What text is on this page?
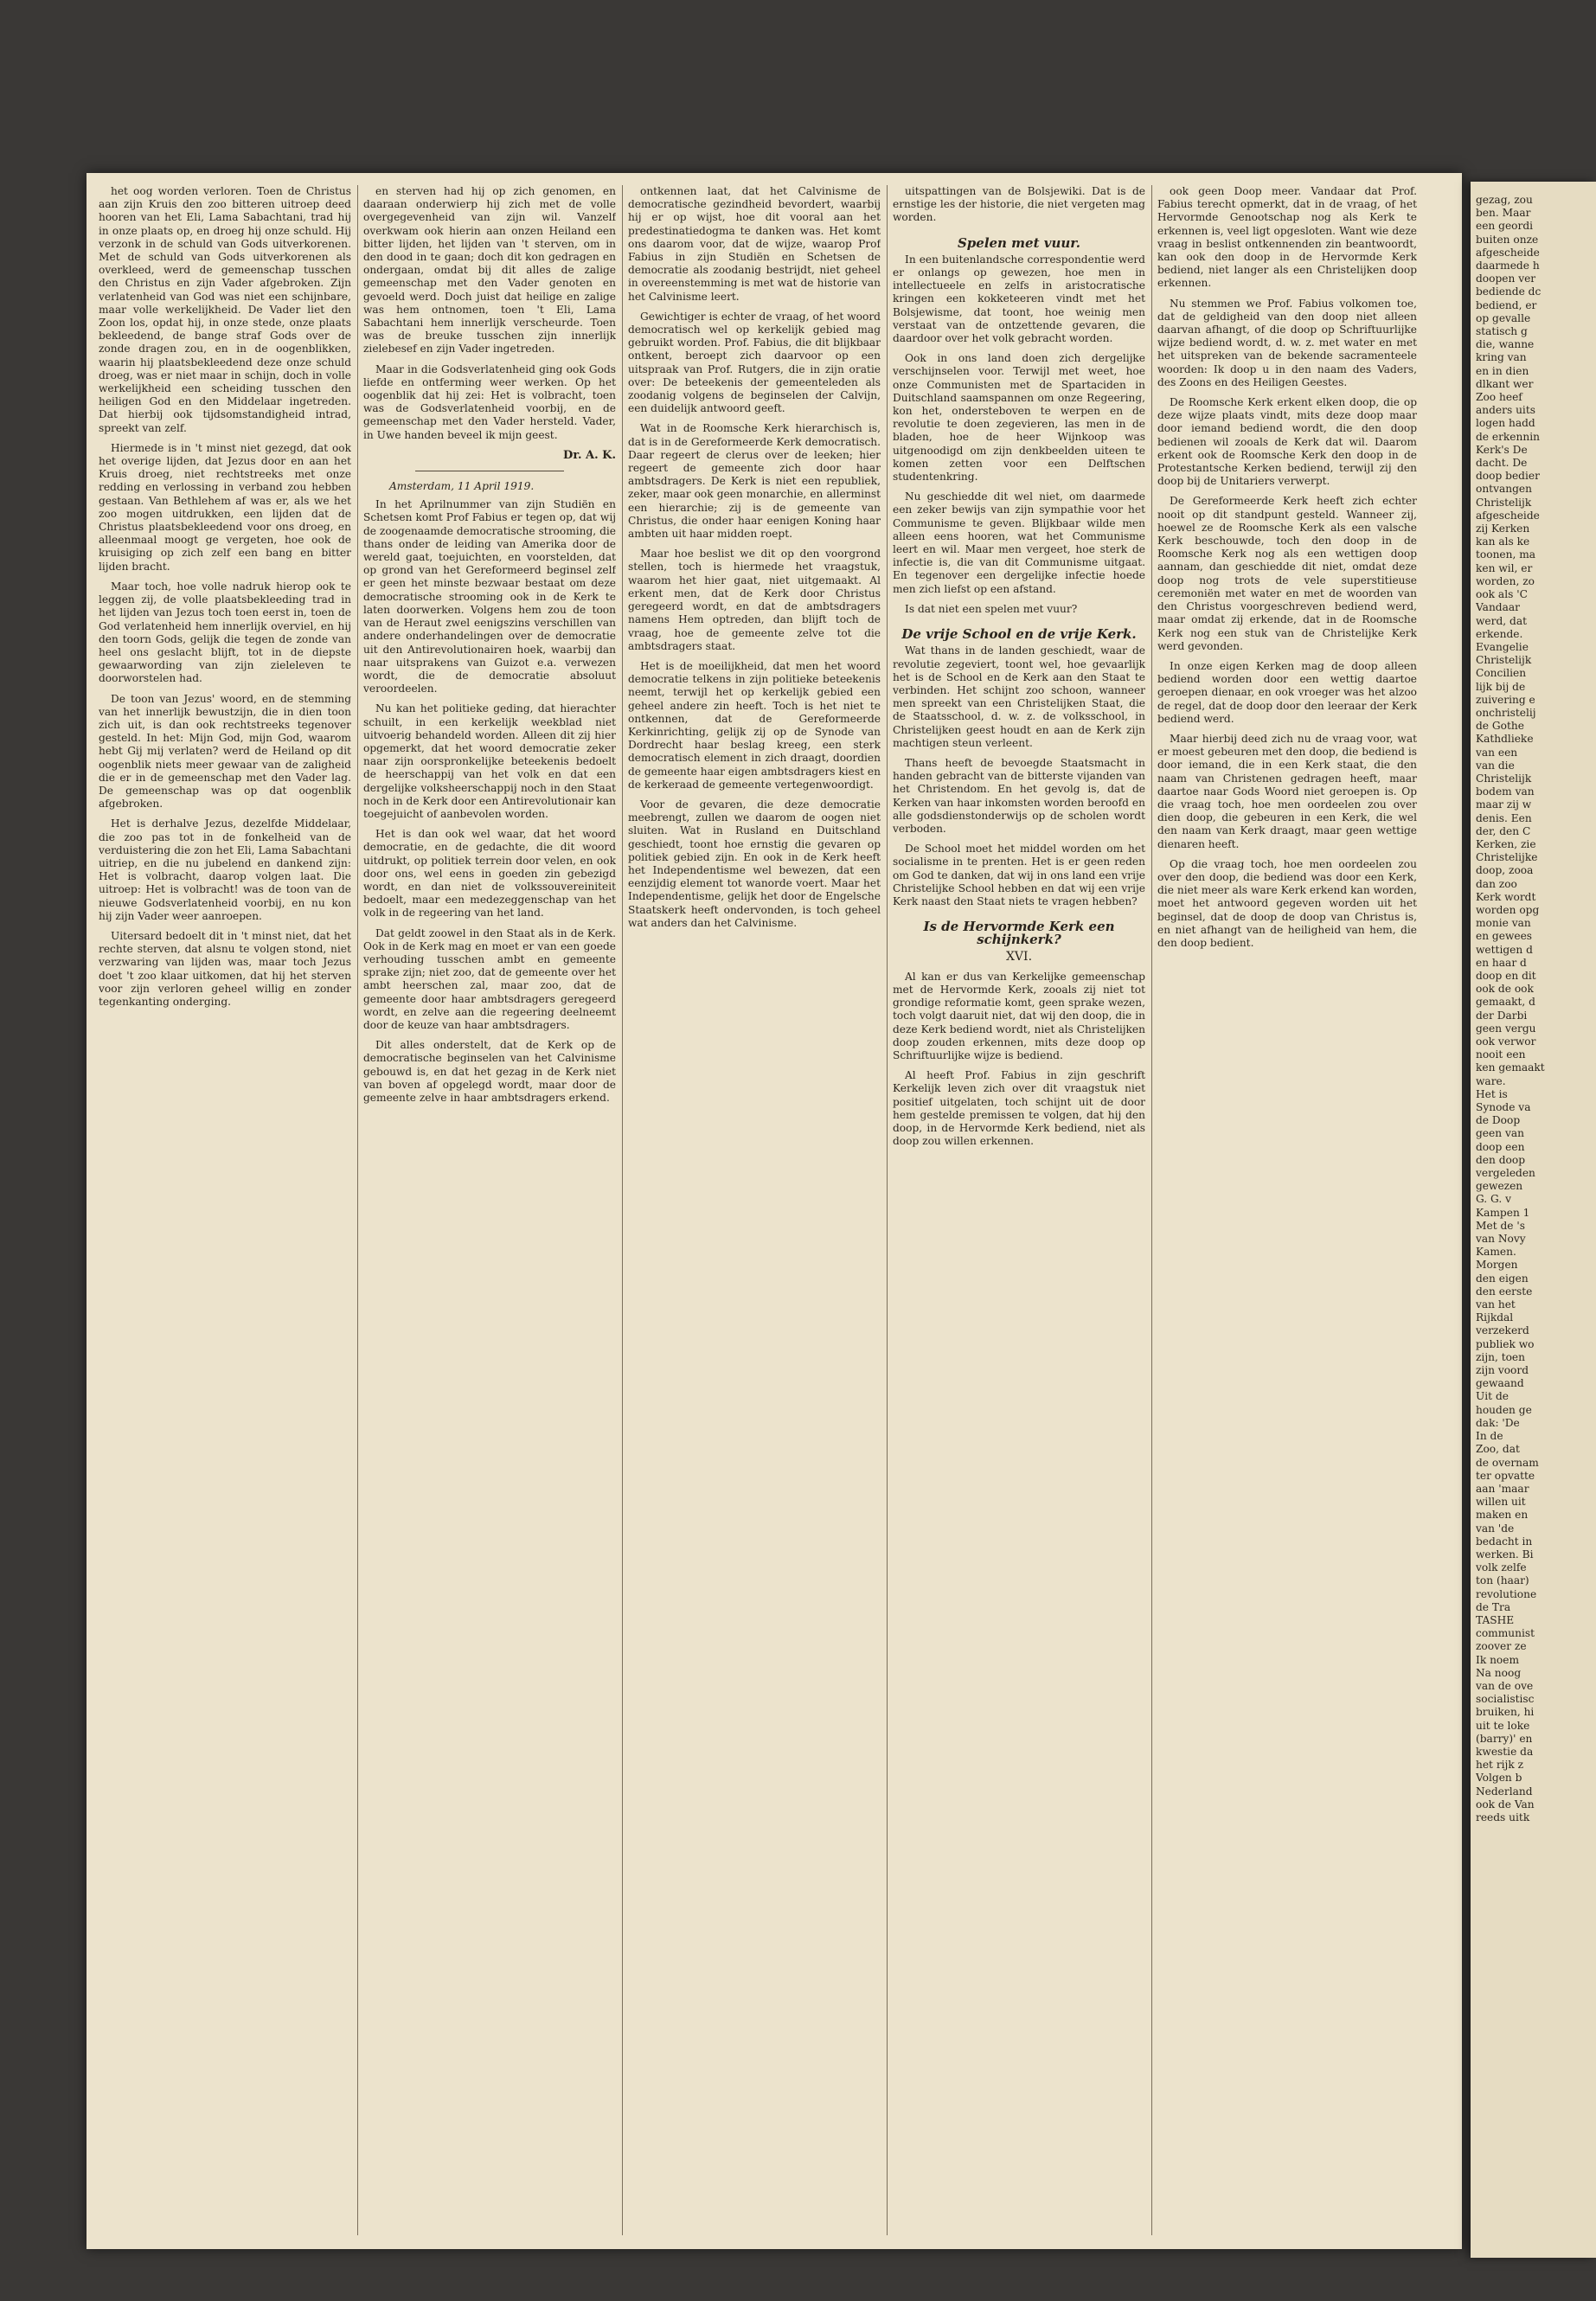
het oog worden verloren. Toen de Christus aan zijn Kruis den zoo bitteren uitroep deed hooren van het Eli, Lama Sabachtani, trad hij in onze plaats op, en droeg hij onze schuld. Hij verzonk in de schuld van Gods uitverkorenen. Met de schuld van Gods uitverkorenen als overkleed, werd de gemeenschap tusschen den Christus en zijn Vader afgebroken. Zijn verlatenheid van God was niet een schijnbare, maar volle werkelijkheid. De Vader liet den Zoon los, opdat hij, in onze stede, onze plaats bekleedend, de bange straf Gods over de zonde dragen zou, en in de oogenblikken, waarin hij plaatsbekleedend deze onze schuld droeg, was er niet maar in schijn, doch in volle werkelijkheid een scheiding tusschen den heiligen God en den Middelaar ingetreden. Dat hierbij ook tijdsomstandigheid intrad, spreekt van zelf.

Hiermede is in 't minst niet gezegd, dat ook het overige lijden, dat Jezus door en aan het Kruis droeg, niet rechtstreeks met onze redding en verlossing in verband zou hebben gestaan. Van Bethlehem af was er, als we het zoo mogen uitdrukken, een lijden dat de Christus plaatsbekleedend voor ons droeg, en alleenmaal moogt ge vergeten, hoe ook de kruisiging op zich zelf een bang en bitter lijden bracht.

Maar toch, hoe volle nadruk hierop ook te leggen zij, de volle plaatsbekleeding trad in het lijden van Jezus toch toen eerst in, toen de God verlatenheid hem innerlijk overviel, en hij den toorn Gods, gelijk die tegen de zonde van heel ons geslacht blijft, tot in de diepste gewaarwording van zijn zieleleven te doorworstelen had.

De toon van Jezus' woord, en de stemming van het innerlijk bewustzijn, die in dien toon zich uit, is dan ook rechtstreeks tegenover gesteld. In het: Mijn God, mijn God, waarom hebt Gij mij verlaten? werd de Heiland op dit oogenblik niets meer gewaar van de zaligheid die er in de gemeenschap met den Vader lag. De gemeenschap was op dat oogenblik afgebroken.

Het is derhalve Jezus, dezelfde Middelaar, die zoo pas tot in de fonkelheid van de verduistering die zon het Eli, Lama Sabachtani uitriep, en die nu jubelend en dankend zijn: Het is volbracht, daarop volgen laat. Die uitroep: Het is volbracht! was de toon van de nieuwe Godsverlatenheid voorbij, en nu kon hij zijn Vader weer aanroepen.

Uitersard bedoelt dit in 't minst niet, dat het rechte sterven, dat alsnu te volgen stond, niet verzwaring van lijden was, maar toch Jezus doet 't zoo klaar uitkomen, dat hij het sterven voor zijn verloren geheel willig en zonder tegenkanting onderging.

en sterven had hij op zich genomen, en daaraan onderwierp hij zich met de volle overgegevenheid van zijn wil. Vanzelf overkwam ook hierin aan onzen Heiland een bitter lijden, het lijden van 't sterven, om in den dood in te gaan; doch dit kon gedragen en ondergaan, omdat bij dit alles de zalige gemeenschap met den Vader genoten en gevoeld werd. Doch juist dat heilige en zalige was hem ontnomen, toen 't Eli, Lama Sabachtani hem innerlijk verscheurde. Toen was de breuke tusschen zijn innerlijk zielebesef en zijn Vader ingetreden.

Maar in die Godsverlatenheid ging ook Gods liefde en ontferming weer werken. Op het oogenblik dat hij zei: Het is volbracht, toen was de Godsverlatenheid voorbij, en de gemeenschap met den Vader hersteld. Vader, in Uwe handen beveel ik mijn geest.

Dr. A. K.
Amsterdam, 11 April 1919.

In het Aprilnummer van zijn Studiën en Schetsen komt Prof Fabius er tegen op, dat wij de zoogenaamde democratische strooming, die thans onder de leiding van Amerika door de wereld gaat, toejuichten, en voorstelden, dat op grond van het Gereformeerd beginsel zelf er geen het minste bezwaar bestaat om deze democratische strooming ook in de Kerk te laten doorwerken. Volgens hem zou de toon van de Heraut zwel eenigszins verschillen van andere onderhandelingen over de democratie uit den Antirevolutionairen hoek, waarbij dan naar uitsprakens van Guizot e.a. verwezen wordt, die de democratie absoluut veroordeelen.

Nu kan het politieke geding, dat hierachter schuilt, in een kerkelijk weekblad niet uitvoerig behandeld worden. Alleen dit zij hier opgemerkt, dat het woord democratie zeker naar zijn oorspronkelijke beteekenis bedoelt de heerschappij van het volk en dat een dergelijke volksheerschappij noch in den Staat noch in de Kerk door een Antirevolutionair kan toegejuicht of aanbevolen worden.

Het is dan ook wel waar, dat het woord democratie, en de gedachte, die dit woord uitdrukt, op politiek terrein door velen, en ook door ons, wel eens in goeden zin gebezigd wordt, en dan niet de volkssouvereiniteit bedoelt, maar een medezeggenschap van het volk in de regeering van het land.

Dat geldt zoowel in den Staat als in de Kerk. Ook in de Kerk mag en moet er van een goede verhouding tusschen ambt en gemeente sprake zijn; niet zoo, dat de gemeente over het ambt heerschen zal, maar zoo, dat de gemeente door haar ambtsdragers geregeerd wordt, en zelve aan die regeering deelneemt door de keuze van haar ambtsdragers.

Dit alles onderstelt, dat de Kerk op de democratische beginselen van het Calvinisme gebouwd is, en dat het gezag in de Kerk niet van boven af opgelegd wordt, maar door de gemeente zelve in haar ambtsdragers erkend.

ontkennen laat, dat het Calvinisme de democratische gezindheid bevordert, waarbij hij er op wijst, hoe dit vooral aan het predestinatiedogma te danken was. Het komt ons daarom voor, dat de wijze, waarop Prof Fabius in zijn Studiën en Schetsen de democratie als zoodanig bestrijdt, niet geheel in overeenstemming is met wat de historie van het Calvinisme leert.

Gewichtiger is echter de vraag, of het woord democratisch wel op kerkelijk gebied mag gebruikt worden. Prof. Fabius, die dit blijkbaar ontkent, beroept zich daarvoor op een uitspraak van Prof. Rutgers, die in zijn oratie over: De beteekenis der gemeenteleden als zoodanig volgens de beginselen der Calvijn, een duidelijk antwoord geeft.

Wat in de Roomsche Kerk hierarchisch is, dat is in de Gereformeerde Kerk democratisch. Daar regeert de clerus over de leeken; hier regeert de gemeente zich door haar ambtsdragers. De Kerk is niet een republiek, zeker, maar ook geen monarchie, en allerminst een hierarchie; zij is de gemeente van Christus, die onder haar eenigen Koning haar ambten uit haar midden roept.

Maar hoe beslist we dit op den voorgrond stellen, toch is hiermede het vraagstuk, waarom het hier gaat, niet uitgemaakt. Al erkent men, dat de Kerk door Christus geregeerd wordt, en dat de ambtsdragers namens Hem optreden, dan blijft toch de vraag, hoe de gemeente zelve tot die ambtsdragers staat.

Het is de moeilijkheid, dat men het woord democratie telkens in zijn politieke beteekenis neemt, terwijl het op kerkelijk gebied een geheel andere zin heeft. Toch is het niet te ontkennen, dat de Gereformeerde Kerkinrichting, gelijk zij op de Synode van Dordrecht haar beslag kreeg, een sterk democratisch element in zich draagt, doordien de gemeente haar eigen ambtsdragers kiest en de kerkeraad de gemeente vertegenwoordigt.

Voor de gevaren, die deze democratie meebrengt, zullen we daarom de oogen niet sluiten. Wat in Rusland en Duitschland geschiedt, toont hoe ernstig die gevaren op politiek gebied zijn. En ook in de Kerk heeft het Independentisme wel bewezen, dat een eenzijdig element tot wanorde voert. Maar het Independentisme, gelijk het door de Engelsche Staatskerk heeft ondervonden, is toch geheel wat anders dan het Calvinisme.

uitspattingen van de Bolsjewiki. Dat is de ernstige les der historie, die niet vergeten mag worden.

Spelen met vuur.

In een buitenlandsche correspondentie werd er onlangs op gewezen, hoe men in intellectueele en zelfs in aristocratische kringen een kokketeeren vindt met het Bolsjewisme, dat toont, hoe weinig men verstaat van de ontzettende gevaren, die daardoor over het volk gebracht worden.

Ook in ons land doen zich dergelijke verschijnselen voor. Terwijl met weet, hoe onze Communisten met de Spartaciden in Duitschland saamspannen om onze Regeering, kon het, ondersteboven te werpen en de revolutie te doen zegevieren, las men in de bladen, hoe de heer Wijnkoop was uitgenoodigd om zijn denkbeelden uiteen te komen zetten voor een Delftschen studentenkring.

Nu geschiedde dit wel niet, om daarmede een zeker bewijs van zijn sympathie voor het Communisme te geven. Blijkbaar wilde men alleen eens hooren, wat het Communisme leert en wil. Maar men vergeet, hoe sterk de infectie is, die van dit Communisme uitgaat. En tegenover een dergelijke infectie hoede men zich liefst op een afstand.

Is dat niet een spelen met vuur?

De vrije School en de vrije Kerk.

Wat thans in de landen geschiedt, waar de revolutie zegeviert, toont wel, hoe gevaarlijk het is de School en de Kerk aan den Staat te verbinden. Het schijnt zoo schoon, wanneer men spreekt van een Christelijken Staat, die de Staatsschool, d. w. z. de volksschool, in Christelijken geest houdt en aan de Kerk zijn machtigen steun verleent.

Thans heeft de bevoegde Staatsmacht in handen gebracht van de bitterste vijanden van het Christendom. En het gevolg is, dat de Kerken van haar inkomsten worden beroofd en alle godsdienstonderwijs op de scholen wordt verboden.

De School moet het middel worden om het socialisme in te prenten. Het is er geen reden om God te danken, dat wij in ons land een vrije Christelijke School hebben en dat wij een vrije Kerk naast den Staat niets te vragen hebben?

Is de Hervormde Kerk een schijnkerk?
XVI.

Al kan er dus van Kerkelijke gemeenschap met de Hervormde Kerk, zooals zij niet tot grondige reformatie komt, geen sprake wezen, toch volgt daaruit niet, dat wij den doop, die in deze Kerk bediend wordt, niet als Christelijken doop zouden erkennen, mits deze doop op Schriftuurlijke wijze is bediend.

Al heeft Prof. Fabius in zijn geschrift Kerkelijk leven zich over dit vraagstuk niet positief uitgelaten, toch schijnt uit de door hem gestelde premissen te volgen, dat hij den doop, in de Hervormde Kerk bediend, niet als doop zou willen erkennen.

ook geen Doop meer. Vandaar dat Prof. Fabius terecht opmerkt, dat in de vraag, of het Hervormde Genootschap nog als Kerk te erkennen is, veel ligt opgesloten. Want wie deze vraag in beslist ontkennenden zin beantwoordt, kan ook den doop in de Hervormde Kerk bediend, niet langer als een Christelijken doop erkennen.

Nu stemmen we Prof. Fabius volkomen toe, dat de geldigheid van den doop niet alleen daarvan afhangt, of die doop op Schriftuurlijke wijze bediend wordt, d. w. z. met water en met het uitspreken van de bekende sacramenteele woorden: Ik doop u in den naam des Vaders, des Zoons en des Heiligen Geestes.

De Roomsche Kerk erkent elken doop, die op deze wijze plaats vindt, mits deze doop maar door iemand bediend wordt, die den doop bedienen wil zooals de Kerk dat wil. Daarom erkent ook de Roomsche Kerk den doop in de Protestantsche Kerken bediend, terwijl zij den doop bij de Unitariers verwerpt.

De Gereformeerde Kerk heeft zich echter nooit op dit standpunt gesteld. Wanneer zij, hoewel ze de Roomsche Kerk als een valsche Kerk beschouwde, toch den doop in de Roomsche Kerk nog als een wettigen doop aannam, dan geschiedde dit niet, omdat deze doop nog trots de vele superstitieuse ceremoniën met water en met de woorden van den Christus voorgeschreven bediend werd, maar omdat zij erkende, dat in de Roomsche Kerk nog een stuk van de Christelijke Kerk werd gevonden.

In onze eigen Kerken mag de doop alleen bediend worden door een wettig daartoe geroepen dienaar, en ook vroeger was het alzoo de regel, dat de doop door den leeraar der Kerk bediend werd.

Maar hierbij deed zich nu de vraag voor, wat er moest gebeuren met den doop, die bediend is door iemand, die in een Kerk staat, die den naam van Christenen gedragen heeft, maar daartoe naar Gods Woord niet geroepen is. Op die vraag toch, hoe men oordeelen zou over dien doop, die gebeuren in een Kerk, die wel den naam van Kerk draagt, maar geen wettige dienaren heeft.

Op die vraag toch, hoe men oordeelen zou over den doop, die bediend was door een Kerk, die niet meer als ware Kerk erkend kan worden, moet het antwoord gegeven worden uit het beginsel, dat de doop de doop van Christus is, en niet afhangt van de heiligheid van hem, die den doop bedient.

gezag, zou
ben. Maar
een geordi
buiten onze
afgescheide
daarmede h
doopen ver
bediende dc
bediend, er
op gevalle
statisch g
die, wanne
kring van
en in dien
dlkant wer
Zoo heef
anders uits
logen hadd
de erkennin
Kerk's De
dacht. De
doop bedier
ontvangen
Christelijk
afgescheide
zij Kerken
kan als ke
toonen, ma
ken wil, er
worden, zo
ook als 'C
Vandaar
werd, dat
erkende.
Evangelie
Christelijk
Concilien
lijk bij de
zuivering e
onchristelij
de Gothe
Kathdlieke
van een
van die
Christelijk
bodem van
maar zij w
denis. Een
der, den C
Kerken, zie
Christelijke
doop, zooa
dan zoo
Kerk wordt
worden opg
monie van
en gewees
wettigen d
en haar d
doop en dit
ook de ook
gemaakt, d
der Darbi
geen vergu
ook verwor
nooit een
ken gemaakt
ware.
Het is
Synode va
de Doop
geen van
doop een
den doop
vergeleden
gewezen
G. G. v
Kampen 1
Met de 's
van Novy
Kamen.
Morgen
den eigen
den eerste
van het
Rijkdal
verzekerd
publiek wo
zijn, toen
zijn voord
gewaand
Uit de
houden ge
dak: 'De
In de
Zoo, dat
de overnam
ter opvatte
aan 'maar
willen uit
maken en
van 'de
bedacht in
werken. Bi
volk zelfe
ton (haar)
revolutione
de Tra
TASHE
communist
zoover ze
Ik noem
Na noog
van de ove
socialistisc
bruiken, hi
uit te loke
(barry)' en
kwestie da
het rijk z
Volgen b
Nederland
ook de Van
reeds uitk
